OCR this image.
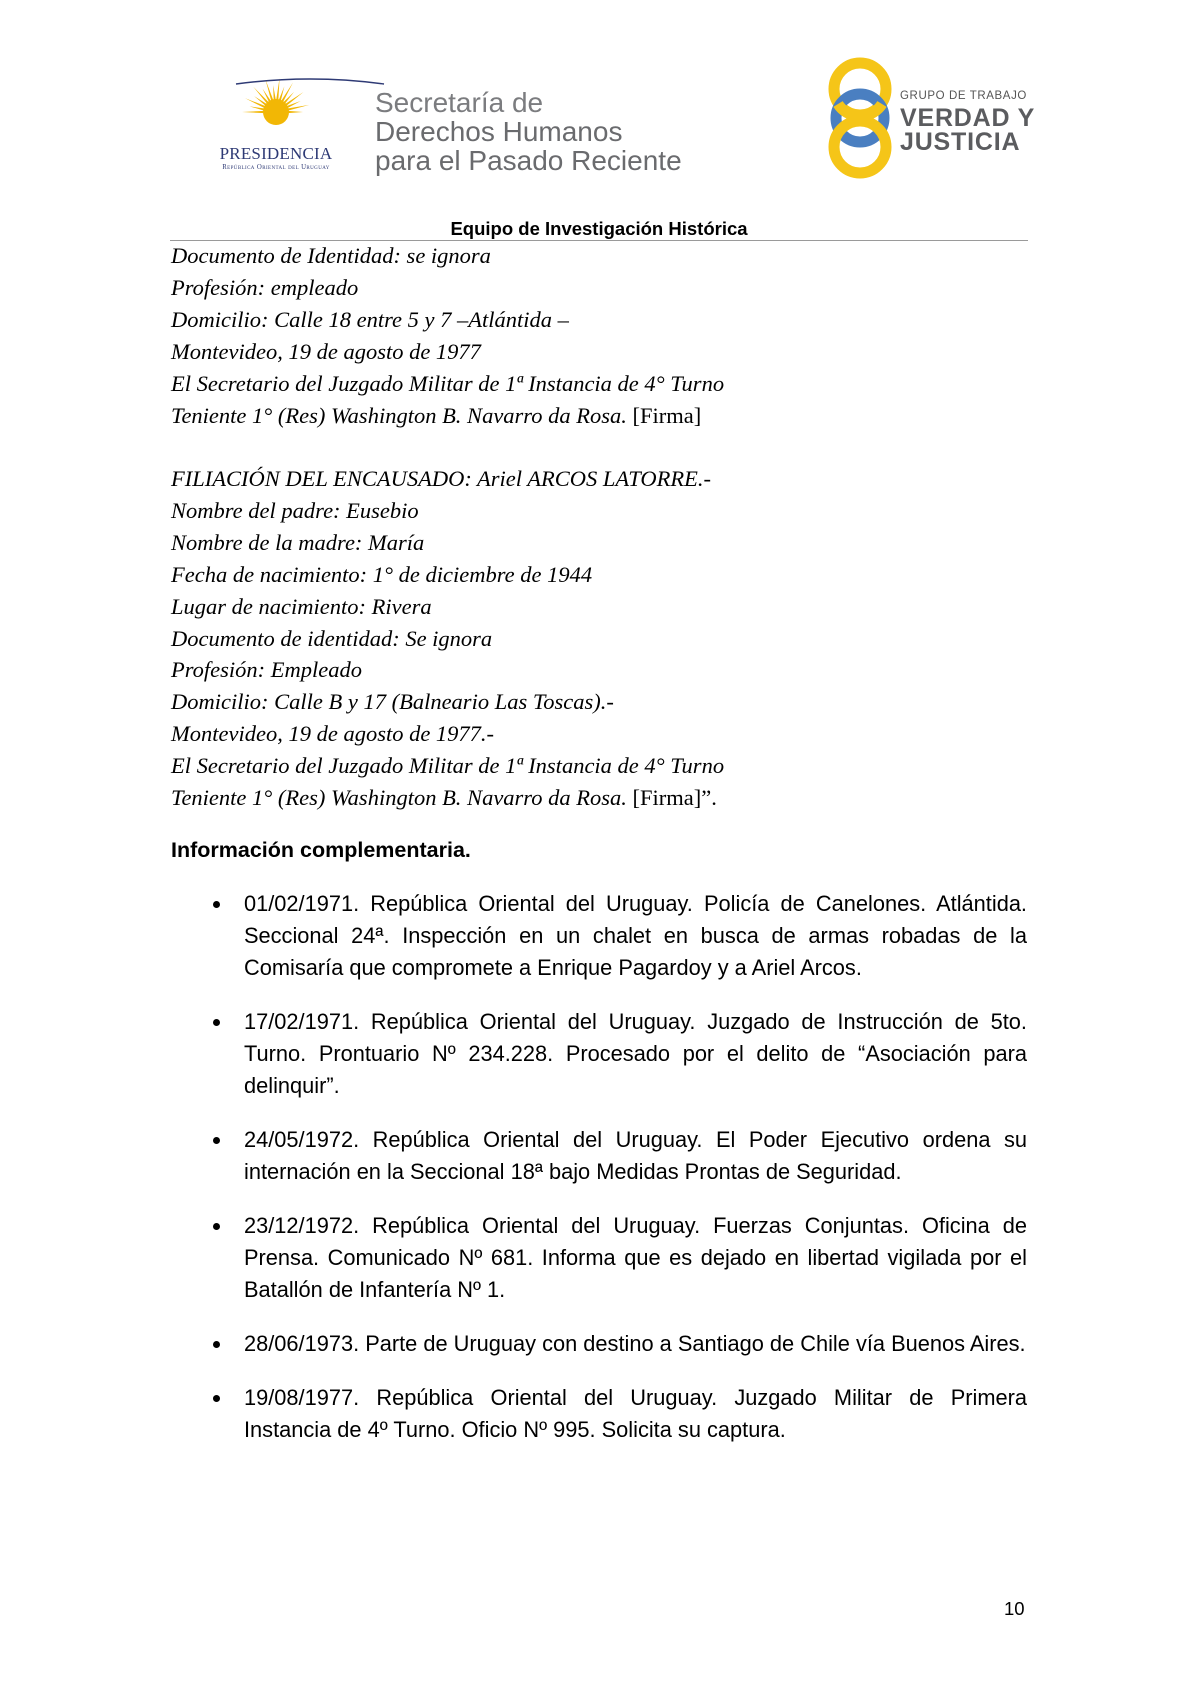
PRESIDENCIA
República Oriental del Uruguay
Secretaría de
Derechos Humanos
para el Pasado Reciente
GRUPO DE TRABAJO
VERDAD Y
JUSTICIA
Equipo de Investigación Histórica
Documento de Identidad: se ignora
Profesión: empleado
Domicilio: Calle 18 entre 5 y 7 –Atlántida –
Montevideo, 19 de agosto de 1977
El Secretario del Juzgado Militar de 1ª Instancia de 4° Turno
Teniente 1° (Res) Washington B. Navarro da Rosa. [Firma]
FILIACIÓN DEL ENCAUSADO: Ariel ARCOS LATORRE.-
Nombre del padre: Eusebio
Nombre de la madre: María
Fecha de nacimiento: 1° de diciembre de 1944
Lugar de nacimiento: Rivera
Documento de identidad: Se ignora
Profesión: Empleado
Domicilio: Calle B y 17 (Balneario Las Toscas).-
Montevideo, 19 de agosto de 1977.-
El Secretario del Juzgado Militar de 1ª Instancia de 4° Turno
Teniente 1° (Res) Washington B. Navarro da Rosa. [Firma]”.
Información complementaria.
01/02/1971. República Oriental del Uruguay. Policía de Canelones. Atlántida. Seccional 24ª. Inspección en un chalet en busca de armas robadas de la Comisaría que compromete a Enrique Pagardoy y a Ariel Arcos.
17/02/1971. República Oriental del Uruguay. Juzgado de Instrucción de 5to. Turno. Prontuario Nº 234.228. Procesado por el delito de “Asociación para delinquir”.
24/05/1972. República Oriental del Uruguay. El Poder Ejecutivo ordena su internación en la Seccional 18ª bajo Medidas Prontas de Seguridad.
23/12/1972. República Oriental del Uruguay. Fuerzas Conjuntas. Oficina de Prensa. Comunicado Nº 681. Informa que es dejado en libertad vigilada por el Batallón de Infantería Nº 1.
28/06/1973. Parte de Uruguay con destino a Santiago de Chile vía Buenos Aires.
19/08/1977. República Oriental del Uruguay. Juzgado Militar de Primera Instancia de 4º Turno. Oficio Nº 995. Solicita su captura.
10
